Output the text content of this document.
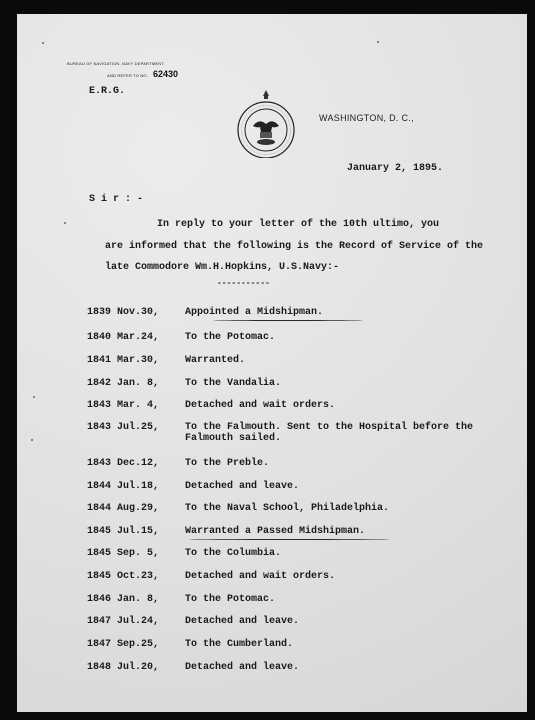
BUREAU OF NAVIGATION, NAVY DEPARTMENT.
AND REFER TO NO. 62430
E.R.G.
WASHINGTON, D. C.,
January 2, 1895.
S i r : -
In reply to your letter of the 10th ultimo, you
are informed that the following is the Record of Service of the
late Commodore Wm.H.Hopkins, U.S.Navy:-
-----------
1839 Nov.30,	Appointed a Midshipman.
1840 Mar.24,	To the Potomac.
1841 Mar.30,	Warranted.
1842 Jan. 8,	To the Vandalia.
1843 Mar. 4,	Detached and wait orders.
1843 Jul.25,	To the Falmouth. Sent to the Hospital before the Falmouth sailed.
1843 Dec.12,	To the Preble.
1844 Jul.18,	Detached and leave.
1844 Aug.29,	To the Naval School, Philadelphia.
1845 Jul.15,	Warranted a Passed Midshipman.
1845 Sep. 5,	To the Columbia.
1845 Oct.23,	Detached and wait orders.
1846 Jan. 8,	To the Potomac.
1847 Jul.24,	Detached and leave.
1847 Sep.25,	To the Cumberland.
1848 Jul.20,	Detached and leave.
